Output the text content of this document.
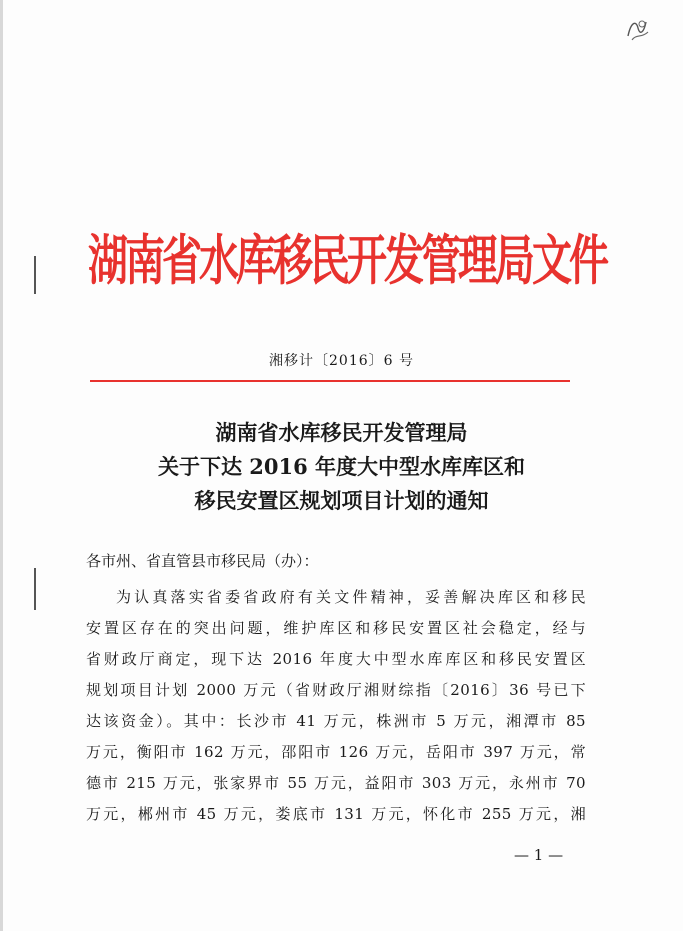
湖南省水库移民开发管理局文件
湘移计〔2016〕6 号
湖南省水库移民开发管理局
关于下达 2016 年度大中型水库库区和
移民安置区规划项目计划的通知
各市州、省直管县市移民局（办）：
为认真落实省委省政府有关文件精神，妥善解决库区和移民
安置区存在的突出问题，维护库区和移民安置区社会稳定，经与
省财政厅商定，现下达 2016 年度大中型水库库区和移民安置区
规划项目计划 2000 万元（省财政厅湘财综指〔2016〕36 号已下
达该资金）。其中：长沙市 41 万元，株洲市 5 万元，湘潭市 85
万元，衡阳市 162 万元，邵阳市 126 万元，岳阳市 397 万元，常
德市 215 万元，张家界市 55 万元，益阳市 303 万元，永州市 70
万元，郴州市 45 万元，娄底市 131 万元，怀化市 255 万元，湘
— 1 —
